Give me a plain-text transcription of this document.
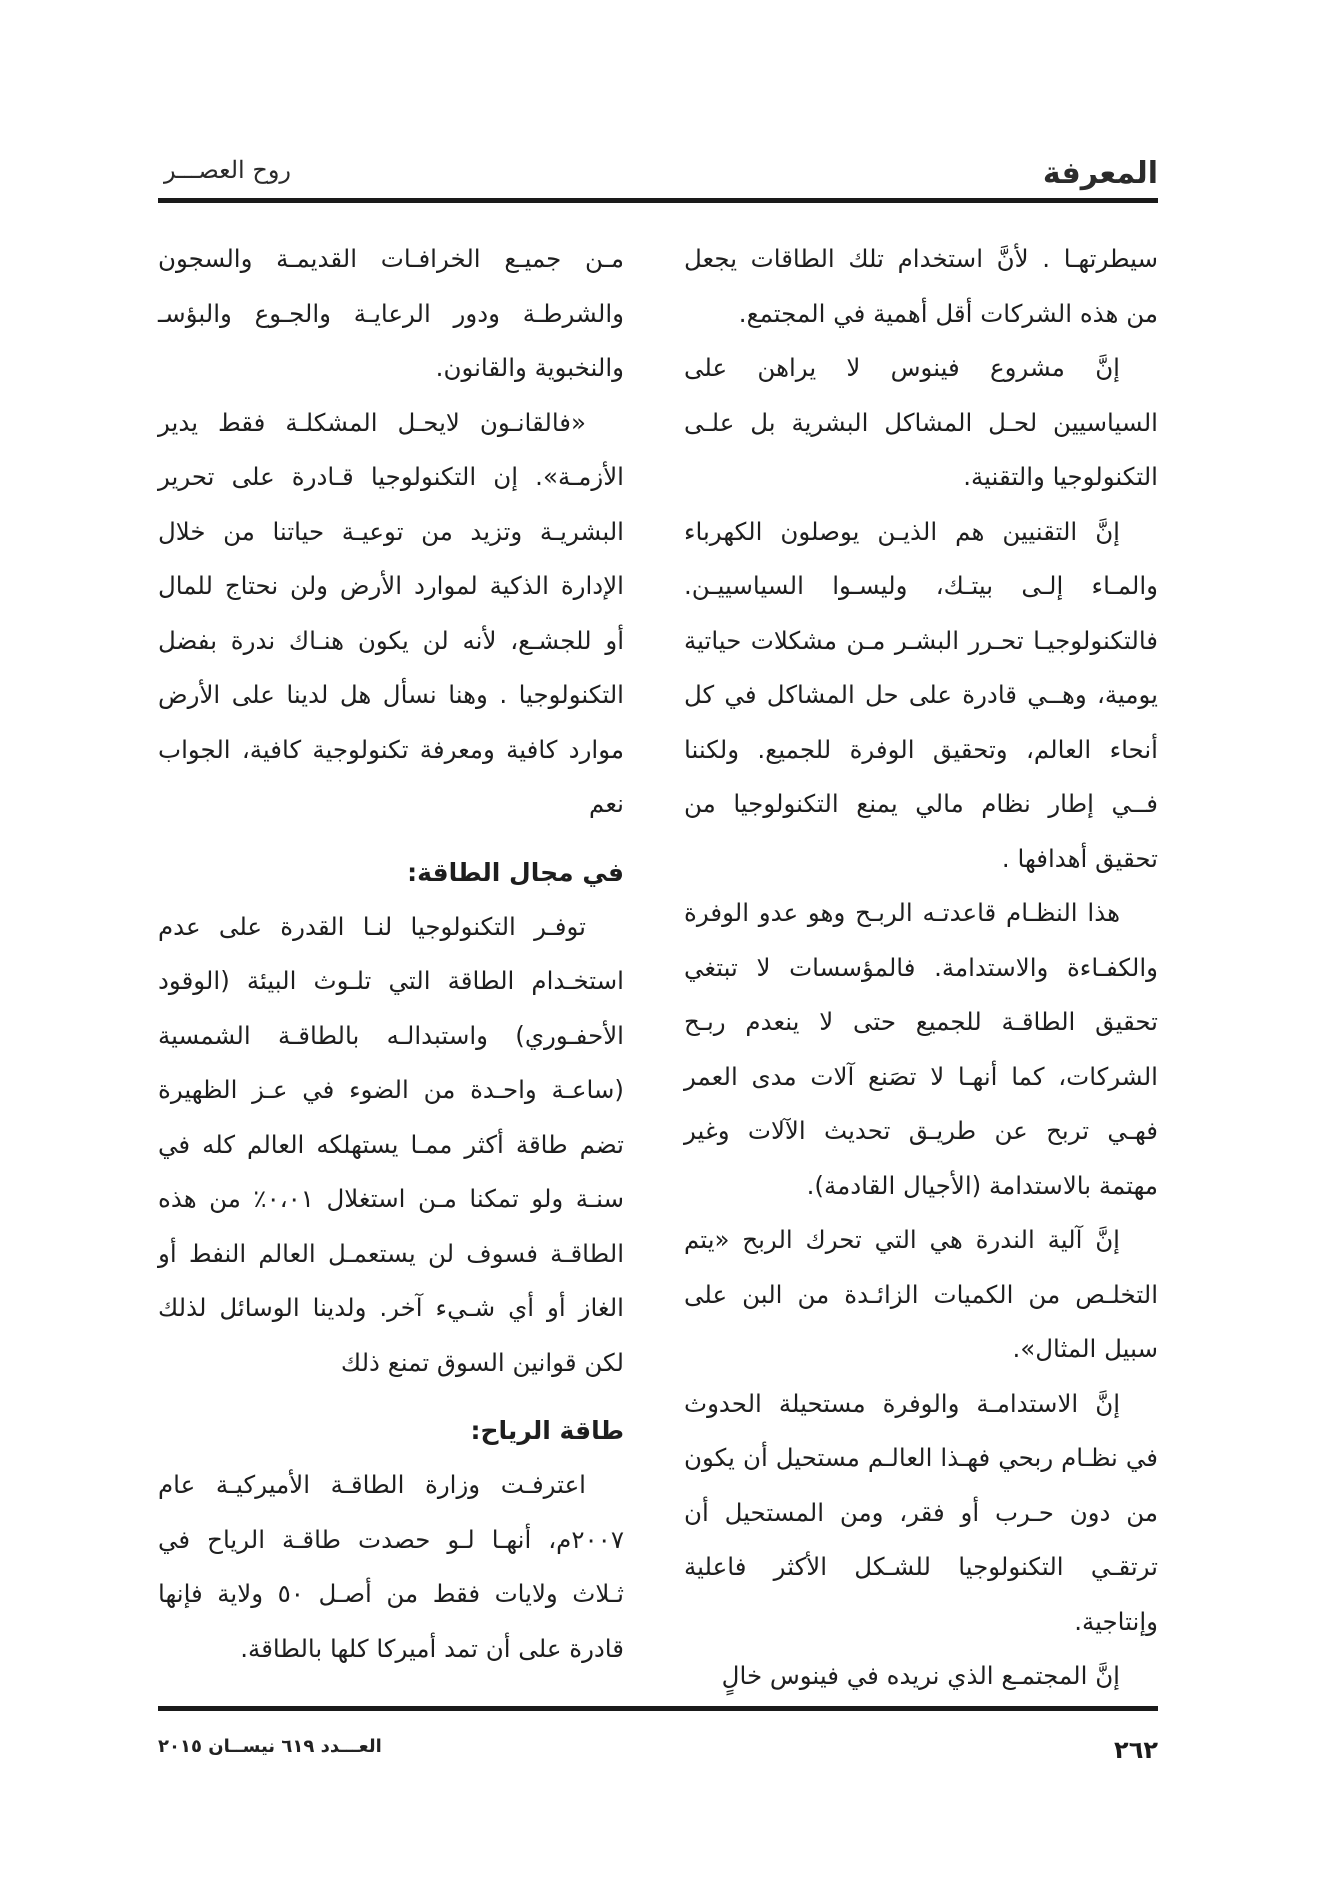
المعرفة
روح العصـــر

سيطرتهـا . لأنَّ استخدام تلك الطاقات يجعل من هذه الشركات أقل أهمية في المجتمع.

إنَّ مشروع فينوس لا يراهن على السياسيين لحـل المشاكل البشرية بل علـى التكنولوجيا والتقنية.

إنَّ التقنيين هم الذيـن يوصلون الكهرباء والمـاء إلـى بيتـك، وليسـوا السياسييـن. فالتكنولوجيـا تحـرر البشـر مـن مشكلات حياتية يومية، وهــي قادرة على حل المشاكل في كل أنحاء العالم، وتحقيق الوفرة للجميع. ولكننا فــي إطار نظام مالي يمنع التكنولوجيا من تحقيق أهدافها .

هذا النظـام قاعدتـه الربـح وهو عدو الوفرة والكفـاءة والاستدامة. فالمؤسسات لا تبتغي تحقيق الطاقـة للجميع حتى لا ينعدم ربـح الشركات، كما أنهـا لا تصَنع آلات مدى العمر فهـي تربح عن طريـق تحديث الآلات وغير مهتمة بالاستدامة (الأجيال القادمة).

إنَّ آلية الندرة هي التي تحرك الربح «يتم التخلـص من الكميات الزائـدة من البن على سبيل المثال».

إنَّ الاستدامـة والوفرة مستحيلة الحدوث في نظـام ربحي فهـذا العالـم مستحيل أن يكون من دون حـرب أو فقر، ومن المستحيل أن ترتقـي التكنولوجيا للشـكل الأكثر فاعلية وإنتاجية.

إنَّ المجتمـع الذي نريده في فينوس خالٍ

مـن جميـع الخرافـات القديمـة والسجون والشرطـة ودور الرعايـة والجـوع والبؤسـ والنخبوية والقانون.

«فالقانـون لايحـل المشكلـة فقط يدير الأزمـة». إن التكنولوجيا قـادرة على تحرير البشريـة وتزيد من توعيـة حياتنا من خلال الإدارة الذكية لموارد الأرض ولن نحتاج للمال أو للجشـع، لأنه لن يكون هنـاك ندرة بفضل التكنولوجيا . وهنا نسأل هل لدينا على الأرض موارد كافية ومعرفة تكنولوجية كافية، الجواب نعم

في مجال الطاقة:

توفـر التكنولوجيا لنـا القدرة على عدم استخـدام الطاقة التي تلـوث البيئة (الوقود الأحفـوري) واستبدالـه بالطاقـة الشمسية (ساعـة واحـدة من الضوء في عـز الظهيرة تضم طاقة أكثر ممـا يستهلكه العالم كله في سنـة ولو تمكنا مـن استغلال ٠،٠١٪ من هذه الطاقـة فسوف لن يستعمـل العالم النفط أو الغاز أو أي شـيء آخر. ولدينا الوسائل لذلك لكن قوانين السوق تمنع ذلك

طاقة الرياح:

اعترفـت وزارة الطاقـة الأميركيـة عام ٢٠٠٧م، أنهـا لـو حصدت طاقـة الرياح في ثـلاث ولايات فقط من أصـل ٥٠ ولاية فإنها قادرة على أن تمد أميركا كلها بالطاقة.

٢٦٢
العـــدد ٦١٩ نيســان ٢٠١٥
